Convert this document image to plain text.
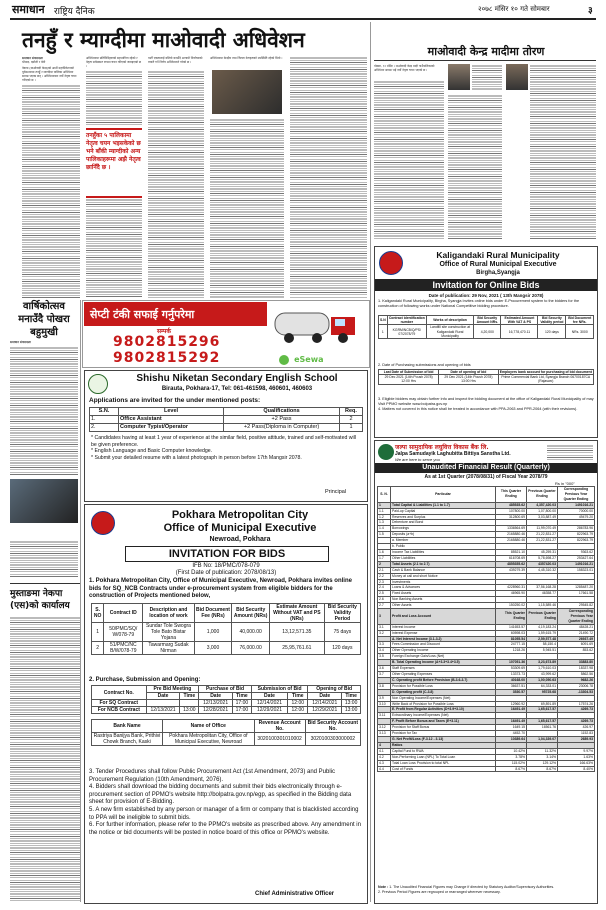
समाधान राष्ट्रिय दैनिक	२०७८ मंसिर १० गते सोमबार	३
तनहुँ र म्याग्दीमा माओवादी अधिवेशन
समाधान संवाददाता
भीमाद, दमौली र बेनी
नेकपा (माओवादी केन्द्र)को आठौं महाधिवेशनको पूर्वसन्ध्यामा तनहुँ र म्याग्दीमा पालिका अधिवेशन सम्पन्न भएका छन् । अधिवेशनबाट नयाँ नेतृत्व चयन गरिएको छ ।
अधिवेशनमा प्रतिनिधिहरूको सहभागिता रहेको र नेतृत्व सर्वसम्मत रूपमा चयन गरिएको जनाइएको छ ।
तनहुँका ५ पालिकामा नेतृत्व चयन भइसकेको छ भने बाँकी म्याग्दीको अन्य पालिकाहरूमा अझै नेतृत्व छानिँदै छ ।
पार्टी एकतालाई बलियो बनाउँदै आगामी निर्वाचनको तयारी गर्ने निर्णय अधिवेशनले गरेको छ ।
अधिवेशनमा केन्द्रीय तथा जिल्ला नेताहरूको उपस्थिति रहेको थियो ।
सेप्टी टंकी सफाई गर्नुपरेमा
सम्पर्क
9802815296
9802815292	eSewa
वार्षिकोत्सव मनाउँदै पोखरा बहुमुखी
समाधान संवाददाता
मुस्ताङमा नेकपा (एस)को कार्यालय
Shishu Niketan Secondary English School
Birauta, Pokhara-17, Tel: 061-461598, 460601, 460603
Applications are invited for the under mentioned posts:
S.N.	Level	Qualifications	Req.
1.	Office Assistant	+2 Pass	2
2.	Computer Typist/Operator	+2 Pass(Diploma in Computer)	1
* Candidates having at least 1 year of experience at the similar field, positive attitude, trained and self-motivated will be given preference.
* English Language and Basic Computer knowledge.
* Submit your detailed resume with a latest photograph in person before 17th Mangsir 2078.
Principal
Pokhara Metropolitan City
Office of Municipal Executive
Newroad, Pokhara
INVITATION FOR BIDS
IFB No: 18/PMC/078-079
(First Date of publication: 2078/08/13)
1. Pokhara Metropolitan City, Office of Municipal Executive, Newroad, Pokhara invites online bids for SQ_NCB Contracts under e-procurement system from eligible bidders for the construction of Projects mentioned below,
S. NO	Contract ID	Description and location of work	Bid Document Fee (NRs)	Bid Security Amount (NRs)	Estimate Amount Without VAT and PS (NRs)	Bid Security Validity Period
1	50/PMC/SQ/ W/078-79	Sundar Tole Swogra Tole Bato Bistar Yojana	1,000	40,000.00	13,12,571.35	75 days
2	51/PMC/NC B/W/078-79	Tawarmarg Sudak Nirman	3,000	76,000.00	25,95,761.61	120 days
2. Purchase, Submission and Opening:
Contract No.	Pre Bid Meeting		Purchase of Bid		Submission of Bid		Opening of Bid	
	Date	Time	Date	Time	Date	Time	Date	Time
For SQ Contract			12/13/2021	17:00	12/14/2021	12:00	12/14/2021	13:00
For NCB Contract	12/13/2021	13:00	12/28/2021	17:00	12/29/2021	12:00	12/29/2021	13:00
Bank Name	Name of Office	Revenue Account No.	Bid Security Account No.
Rastriya Banijya Bank, Prithivi Chowk Branch, Kaski	Pokhara Metropolitan City, Office of Municipal Executive, Newroad	3020100301010002	3020100303000002
3. Tender Procedures shall follow Public Procurement Act (1st Amendment, 2073) and Public Procurement Regulation (10th Amendment, 2076).
4. Bidders shall download the bidding documents and submit their bids electronically through e-procurement section of PPMO's website http://bolpatra.gov.np/egp, as specified in the Bidding data sheet for provision of E-Bidding.
5. A new firm established by any person or manager of a firm or company that is blacklisted according to PPA will be ineligible to submit bids.
6. For further information, please refer to the PPMO's website as prescribed above. Any amendment in the notice or bid documents will be posted in notice board of this office or PPMO's website.
Chief Administrative Officer
माओवादी केन्द्र मादीमा तोरण
पोखरा, १२ मंसिर । माओवादी केन्द्र मादी गाउँपालिकाको अधिवेशन सम्पन्न भई नयाँ नेतृत्व चयन भएको छ ।
Kaligandaki Rural Municipality
Office of Rural Municipal Executive
Birgha,Syangja
Invitation for Online Bids
Date of publication: 29 Nov, 2021 ( 13th Mangsir 2078)
1. Kaligandaki Rural Municipality, Birgha, Syangja Invites online bids under E-Procurement system to the bidders for the construction of following works under National Competitive bidding procedure.
S.N	Contract identification number	Works of description	Bid Security Amount NRs.	Estimated Amount With VAT & PS	Bid Security Validity period	Bid Document fee NRs.
1	KGRM/NCB/Q/PS/ 07/2078/79	Landfill site construction at Kaligandaki Rural Municipality	4,20,000	16,778,470.11	120 days	NRs. 3000
2. Date of Purchasing submissions and opening of bids
Last Date of Submission of bid	Date of opening of bid	Employers bank account for purchasing of bid document
29 Dec 2021 (14th Poush 2078) 12:00 Hrs	29 Dec 2021 (14th Poush 2078) 13:00 Hrs	Prime Commercial Bank Ltd, Syangja Branch 06700187CA (Rajaswo)
3. Eligible bidders may obtain further info and inspect the bidding document at the office of Kaligandaki Rural Municipality of may Visit PPMO website www.bolpatra.gov.np
4. Matters not covered in this notice shall be treated in accordance with PPA-2063 and PPR-2064 (with their revisions).
जल्पा सामुदायिक लघुवित्त विकास बैंक लि.
Jalpa Samudayik Laghubitta Bittiya Sanstha Ltd.
We are here to serve you
Unaudited Financial Result (Quarterly)
As at 1st Quarter (2078/08/31) of Fiscal Year 2078/79
Rs in "000"
S. N.	Particular	This Quarter Ending	Previous Quarter Ending	Corresponding Previous Year Quarter Ending
1	Total Capital & Liabilities (1.1 to 1.7)	485535.62	4,357,420.03	1491016.21
1.1	Paid-up Capital	107800.00	1,07,800.00	70000.00
1.2	Reserves and Surplus	312800.69	3,03,887.49	49479.20
1.3	Debenture and Bond			
1.4	Borrowings	1336564.69	11,99,070.49	286783.96
1.5	Deposits (a+b)	2165880.46	21,22,831.27	822963.79
	a. Member	2165880.46	21,22,831.27	822963.79
	b. Public			
1.6	Income Tax Liabilities	85521.10	45,259.31	9363.62
1.7	Other Liabilities	616708.69	5,78,698.27	253427.64
2	Total Assets (2.1 to 2.7)	4855355.62	4357420.03	1491016.21
2.1	Cash & Bank Balance	439279.39	4,45,310.32	158323.01
2.2	Money at call and short Notice			
2.3	Investments			
2.4	Loans & Advances	4228960.31	37,56,168.28	1285487.20
2.5	Fixed Assets	46965.90	46358.77	17661.58
2.6	Non Banking Assets			
2.7	Other Assets	150250.02	1,15,589.46	29545.82
3	Profit and Loss Account	This Quarter Ending	Previous Quarter Ending	Corresponding Previous Year Quarter Ending
3.1	Interest Income	141653.57	4,19,183.24	48428.21
3.2	Interest Expense	60598.03	1,59,615.79	21490.72
	A. Net Interest Income (3.1-3.2)	81055.54	2,59,577.48	26937.49
3.3	Fees Commission and Discount	24777.15	58,150.4	6091.69
3.4	Other Operating Income	1218.26	5,945.51	853.62
3.5	Foreign Exchange Gain/Loss (Net)			
	B. Total Operating Income (A+3.3+3.4+3.5)	107051.36	3,23,673.89	33883.80
3.6	Staff Expenses	53309.69	1,79,610.03	18337.98
3.7	Other Operating Expenses	13373.73	43,999.62	5862.56
	C. Operating profit Before Provision (B-3.6-3.7)	40168.00	1,00,050.63	9682.26
3.8	Provision for Possible Loss	36637.51	64,333.01	23006.78
	D. Operating profit (C-3.8)	3530.57	95725.68	-13304.53
3.9	Non Operating Income/Expenses (Net)			
3.10	Write Back of Provision for Possible Loss	12960.92	69,891.89	17574.26
	E. Profit from Regular Activities (D+3.9+3.10)	16491.49	1,65,617.57	4269.73
3.11	Extraordinary Income/Expenses (Net)			
	F. Profit Before Bonus and Taxes (E+3.11)	16491.49	1,65,617.57	4269.73
3.12	Provision for Staff Bonus	1649.15	16561.76	426.97
3.13	Provision for Tax	4452.70		1152.83
	G. Net Profit/Loss (F-3.12 - 3.13)	10389.64	1,04,339.07	2689.93
4	Ratios			
4.1	Capital Fund to RWA	10.42%	11.32%	9.97%
4.2	Non-Performing Loan (NPL) To Total Loan	3.78%	3.14%	1.63%
4.3	Total Loan Loss Provision to total NPL	115.02%	129.12%	166.63%
4.4	Cost of Funds	8.67%	8.67%	8.40%
Note : 1. The Unaudited Financial Figures may Change if directed by Statutory Auditor/Supervisory Authorities.
2. Previous Period Figures are regrouped or rearranged wherever necessary.
